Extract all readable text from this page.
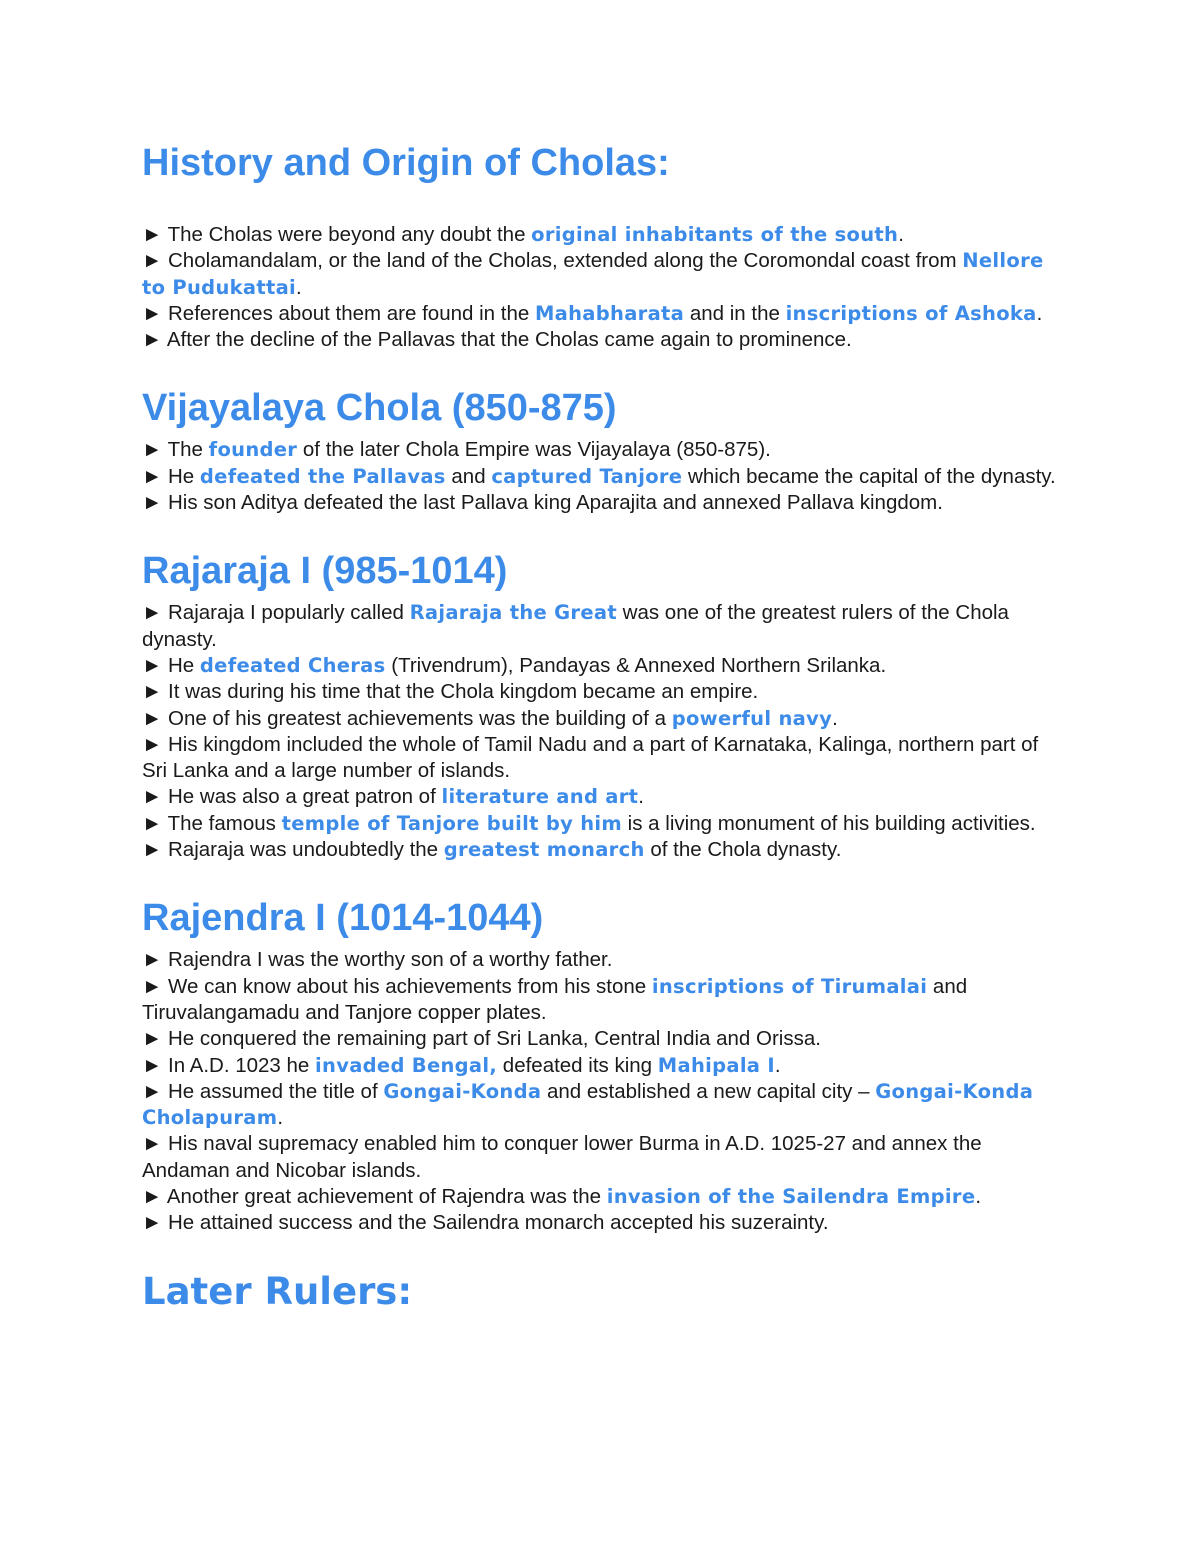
History and Origin of Cholas:

► The Cholas were beyond any doubt the original inhabitants of the south.

► Cholamandalam, or the land of the Cholas, extended along the Coromondal coast from Nellore to Pudukattai.

► References about them are found in the Mahabharata and in the inscriptions of Ashoka.

► After the decline of the Pallavas that the Cholas came again to prominence.

Vijayalaya Chola (850-875)

► The founder of the later Chola Empire was Vijayalaya (850-875).

► He defeated the Pallavas and captured Tanjore which became the capital of the dynasty.

► His son Aditya defeated the last Pallava king Aparajita and annexed Pallava kingdom.

Rajaraja I (985-1014)

► Rajaraja I popularly called Rajaraja the Great was one of the greatest rulers of the Chola dynasty.

► He defeated Cheras (Trivendrum), Pandayas & Annexed Northern Srilanka.

► It was during his time that the Chola kingdom became an empire.

► One of his greatest achievements was the building of a powerful navy.

► His kingdom included the whole of Tamil Nadu and a part of Karnataka, Kalinga, northern part of Sri Lanka and a large number of islands.

► He was also a great patron of literature and art.

► The famous temple of Tanjore built by him is a living monument of his building activities.

► Rajaraja was undoubtedly the greatest monarch of the Chola dynasty.

Rajendra I (1014-1044)

► Rajendra I was the worthy son of a worthy father.

► We can know about his achievements from his stone inscriptions of Tirumalai and Tiruvalangamadu and Tanjore copper plates.

► He conquered the remaining part of Sri Lanka, Central India and Orissa.

► In A.D. 1023 he invaded Bengal, defeated its king Mahipala I.

► He assumed the title of Gongai-Konda and established a new capital city – Gongai-Konda Cholapuram.

► His naval supremacy enabled him to conquer lower Burma in A.D. 1025-27 and annex the Andaman and Nicobar islands.

► Another great achievement of Rajendra was the invasion of the Sailendra Empire.

► He attained success and the Sailendra monarch accepted his suzerainty.

Later Rulers:
